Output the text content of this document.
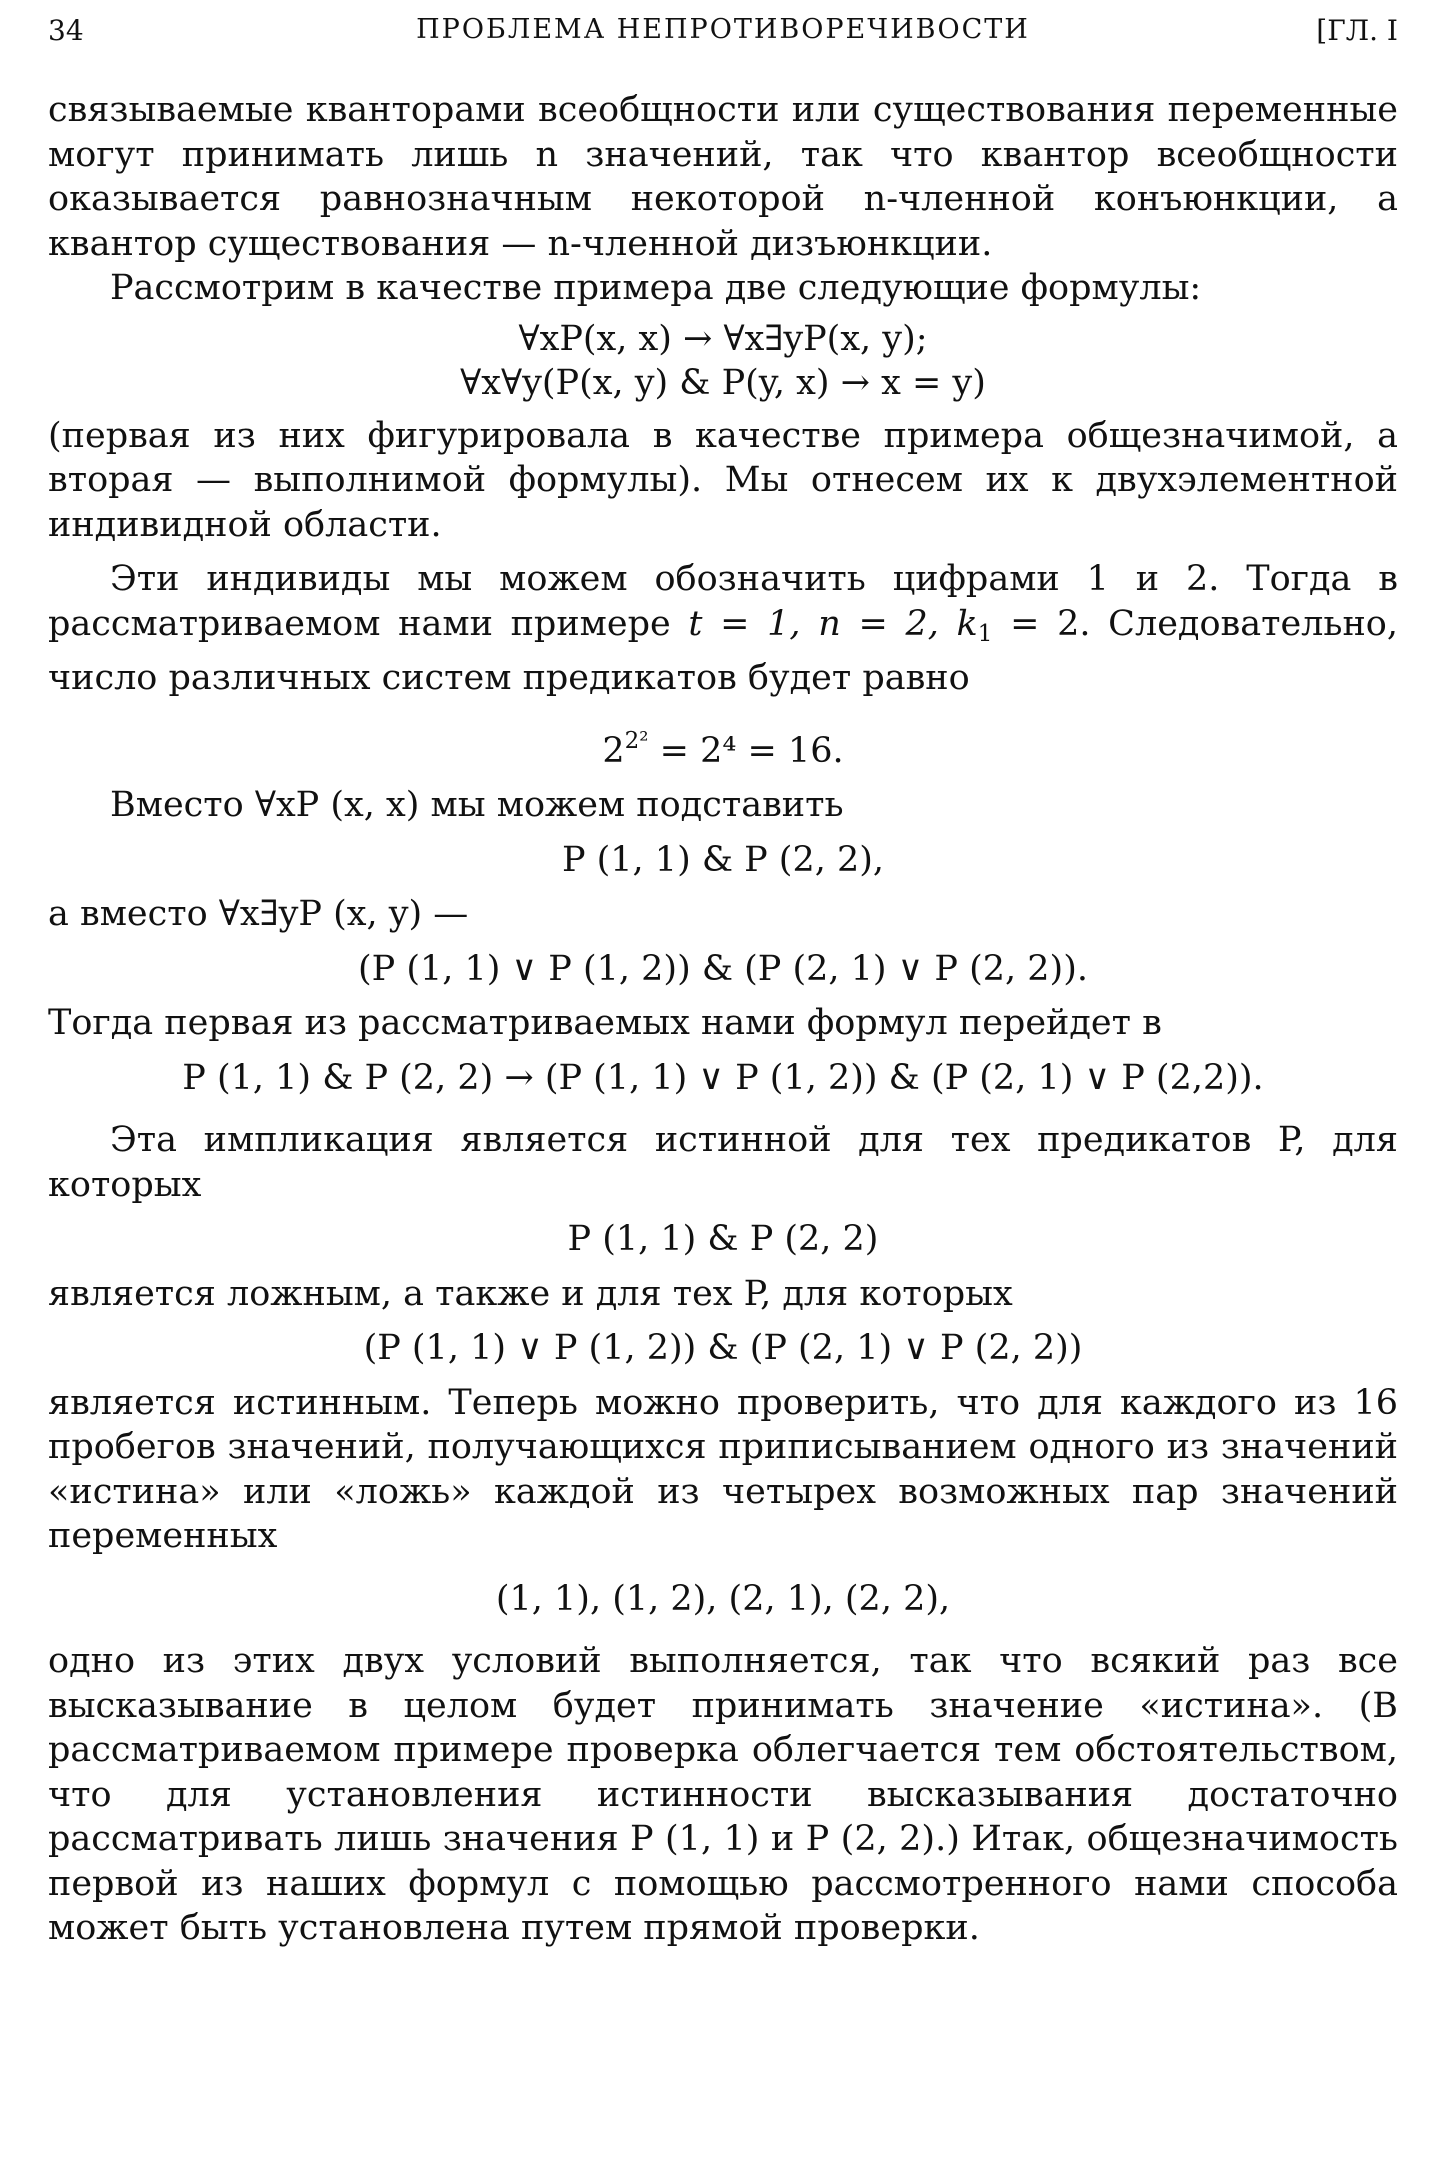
34	ПРОБЛЕМА НЕПРОТИВОРЕЧИВОСТИ	[ГЛ. I

связываемые кванторами всеобщности или существования переменные могут принимать лишь n значений, так что квантор всеобщности оказывается равнозначным некоторой n-членной конъюнкции, а квантор существования — n-членной дизъюнкции.

Рассмотрим в качестве примера две следующие формулы:

∀xP(x, x) → ∀x∃yP(x, y);

∀x∀y(P(x, y) & P(y, x) → x = y)

(первая из них фигурировала в качестве примера общезначимой, а вторая — выполнимой формулы). Мы отнесем их к двухэлементной индивидной области.

Эти индивиды мы можем обозначить цифрами 1 и 2. Тогда в рассматриваемом нами примере t = 1, n = 2, $k_1 = 2$. Следовательно, число различных систем предикатов будет равно

$2^{2^2} = 2^4 = 16$.

Вместо ∀xP (x, x) мы можем подставить

P (1, 1) & P (2, 2),

а вместо ∀x∃yP (x, y) —

(P (1, 1) ∨ P (1, 2)) & (P (2, 1) ∨ P (2, 2)).

Тогда первая из рассматриваемых нами формул перейдет в

P (1, 1) & P (2, 2) → (P (1, 1) ∨ P (1, 2)) & (P (2, 1) ∨ P (2,2)).

Эта импликация является истинной для тех предикатов P, для которых

P (1, 1) & P (2, 2)

является ложным, а также и для тех P, для которых

(P (1, 1) ∨ P (1, 2)) & (P (2, 1) ∨ P (2, 2))

является истинным. Теперь можно проверить, что для каждого из 16 пробегов значений, получающихся приписыванием одного из значений «истина» или «ложь» каждой из четырех возможных пар значений переменных

(1, 1), (1, 2), (2, 1), (2, 2),

одно из этих двух условий выполняется, так что всякий раз все высказывание в целом будет принимать значение «истина». (В рассматриваемом примере проверка облегчается тем обстоятельством, что для установления истинности высказывания достаточно рассматривать лишь значения P (1, 1) и P (2, 2).) Итак, общезначимость первой из наших формул с помощью рассмотренного нами способа может быть установлена путем прямой проверки.
